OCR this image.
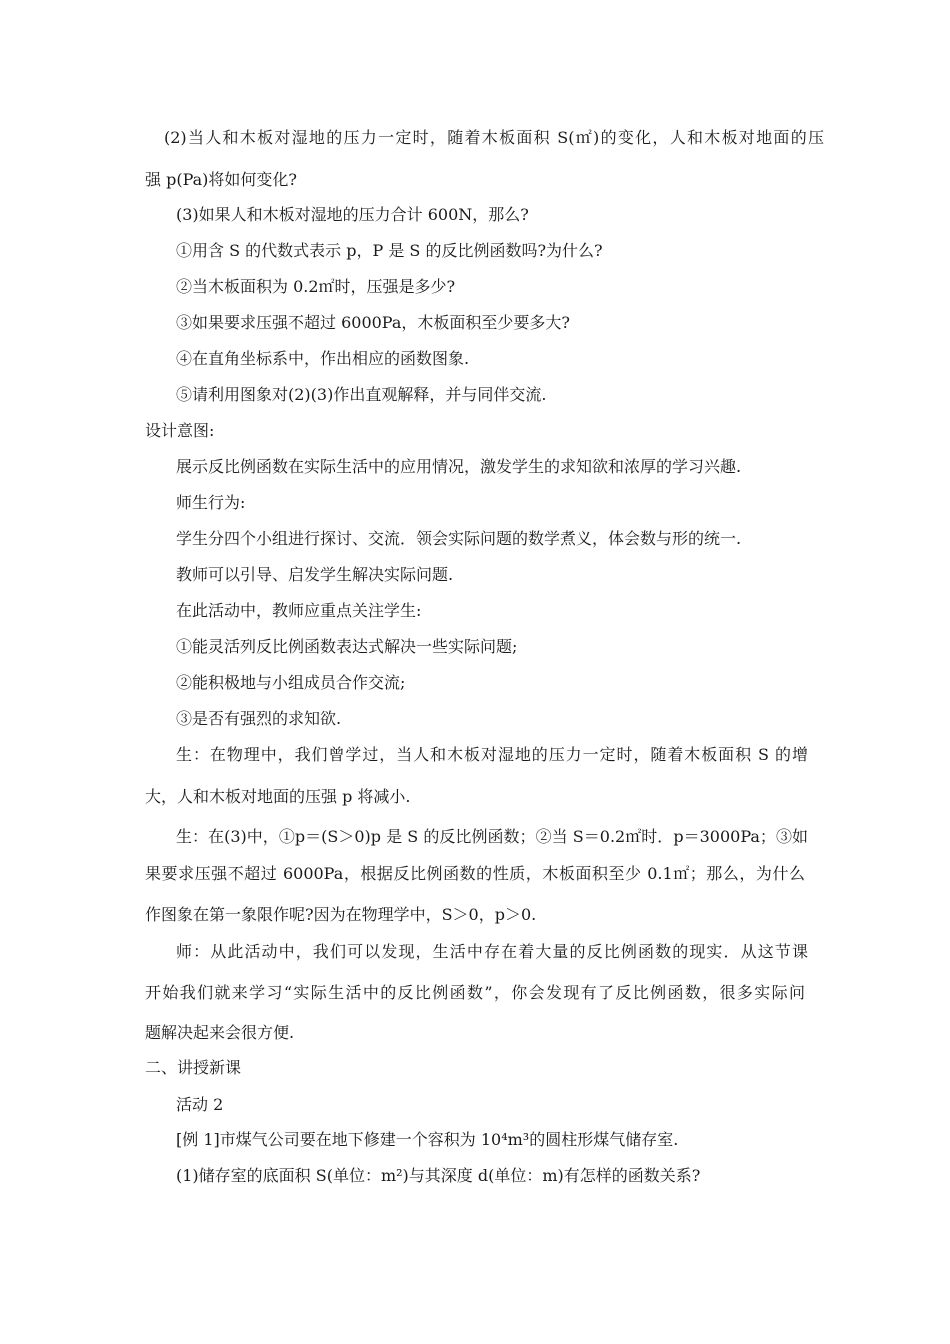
(2)当人和木板对湿地的压力一定时，随着木板面积 S(㎡)的变化，人和木板对地面的压
强 p(Pa)将如何变化?
(3)如果人和木板对湿地的压力合计 600N，那么?
①用含 S 的代数式表示 p，P 是 S 的反比例函数吗?为什么?
②当木板面积为 0.2㎡时，压强是多少?
③如果要求压强不超过 6000Pa，木板面积至少要多大?
④在直角坐标系中，作出相应的函数图象.
⑤请利用图象对(2)(3)作出直观解释，并与同伴交流.
设计意图:
展示反比例函数在实际生活中的应用情况，激发学生的求知欲和浓厚的学习兴趣.
师生行为:
学生分四个小组进行探讨、交流．领会实际问题的数学煮义，体会数与形的统一.
教师可以引导、启发学生解决实际问题.
在此活动中，教师应重点关注学生:
①能灵活列反比例函数表达式解决一些实际问题;
②能积极地与小组成员合作交流;
③是否有强烈的求知欲.
生：在物理中，我们曾学过，当人和木板对湿地的压力一定时，随着木板面积 S 的增
大，人和木板对地面的压强 p 将减小.
生：在(3)中，①p＝(S＞0)p 是 S 的反比例函数；②当 S＝0.2㎡时．p＝3000Pa；③如
果要求压强不超过 6000Pa，根据反比例函数的性质，木板面积至少 0.1㎡；那么，为什么
作图象在第一象限作呢?因为在物理学中，S＞0，p＞0.
师：从此活动中，我们可以发现，生活中存在着大量的反比例函数的现实．从这节课
开始我们就来学习“实际生活中的反比例函数”，你会发现有了反比例函数，很多实际问
题解决起来会很方便.
二、讲授新课
活动 2
[例 1]市煤气公司要在地下修建一个容积为 10⁴m³的圆柱形煤气储存室.
(1)储存室的底面积 S(单位：m²)与其深度 d(单位：m)有怎样的函数关系?
